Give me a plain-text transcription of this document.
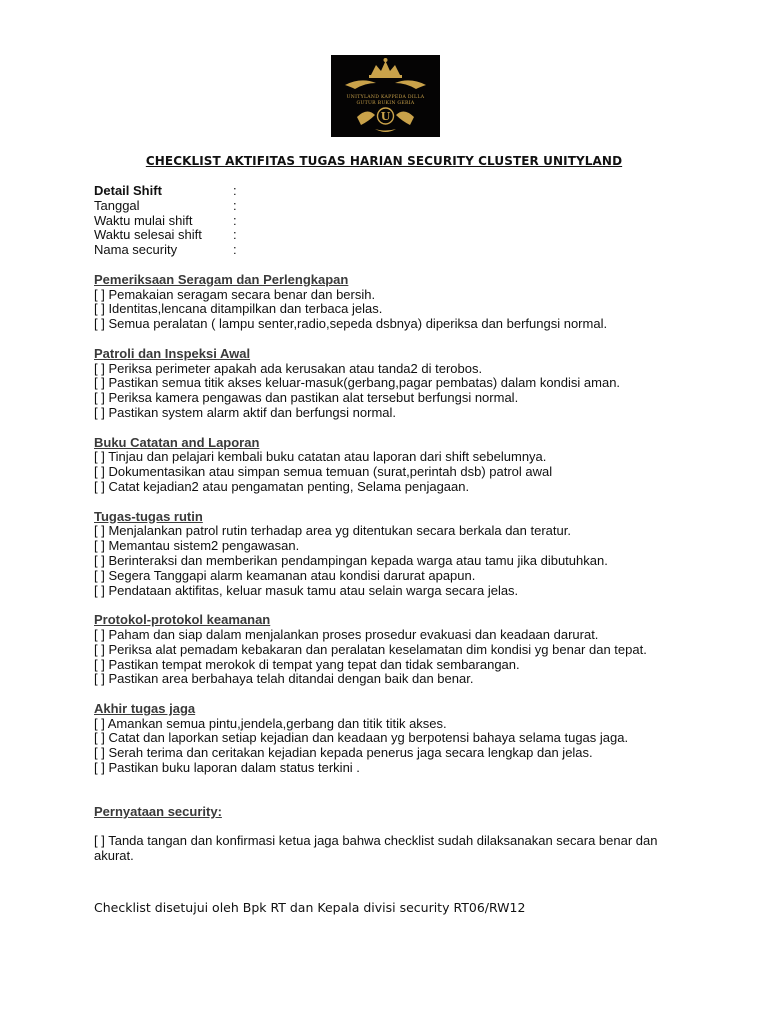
UNITYLAND KAPPEDA DILLA
GUTUR BUKIN GERIA
U
CHECKLIST AKTIFITAS TUGAS HARIAN SECURITY CLUSTER UNITYLAND
Detail Shift	:
Tanggal	:
Waktu mulai shift	:
Waktu selesai shift	:
Nama security	:
Pemeriksaan Seragam dan Perlengkapan
[ ] Pemakaian seragam secara benar dan bersih.
[ ] Identitas,lencana ditampilkan dan terbaca jelas.
[ ] Semua peralatan ( lampu senter,radio,sepeda dsbnya) diperiksa dan berfungsi normal.
Patroli dan Inspeksi Awal
[ ] Periksa perimeter apakah ada kerusakan atau tanda2 di terobos.
[ ] Pastikan semua titik akses keluar-masuk(gerbang,pagar pembatas) dalam kondisi aman.
[ ] Periksa kamera pengawas dan pastikan alat tersebut berfungsi normal.
[ ] Pastikan system alarm aktif dan berfungsi normal.
Buku Catatan and Laporan
[ ] Tinjau dan pelajari kembali buku catatan atau laporan dari shift sebelumnya.
[ ] Dokumentasikan atau simpan semua temuan (surat,perintah dsb) patrol awal
[ ] Catat kejadian2 atau pengamatan penting, Selama penjagaan.
Tugas-tugas rutin
[ ] Menjalankan patrol rutin terhadap area yg ditentukan secara berkala dan teratur.
[ ] Memantau sistem2 pengawasan.
[ ] Berinteraksi dan memberikan pendampingan kepada warga atau tamu jika dibutuhkan.
[ ] Segera Tanggapi alarm keamanan atau kondisi darurat apapun.
[ ] Pendataan aktifitas, keluar masuk tamu atau selain warga secara jelas.
Protokol-protokol keamanan
[ ] Paham dan siap dalam menjalankan proses prosedur evakuasi dan keadaan darurat.
[ ] Periksa alat pemadam kebakaran dan peralatan keselamatan dim kondisi yg benar dan tepat.
[ ] Pastikan tempat merokok di tempat yang tepat dan tidak sembarangan.
[ ] Pastikan area berbahaya telah ditandai dengan baik dan benar.
Akhir tugas jaga
[ ] Amankan semua pintu,jendela,gerbang dan titik titik akses.
[ ] Catat dan laporkan setiap kejadian dan keadaan yg berpotensi bahaya selama tugas jaga.
[ ] Serah terima dan ceritakan kejadian kepada penerus jaga secara lengkap dan jelas.
[ ] Pastikan buku laporan dalam status terkini .
Pernyataan security:
[ ] Tanda tangan dan konfirmasi ketua jaga bahwa checklist sudah dilaksanakan secara benar dan akurat.
Checklist disetujui oleh Bpk RT dan Kepala divisi security RT06/RW12
